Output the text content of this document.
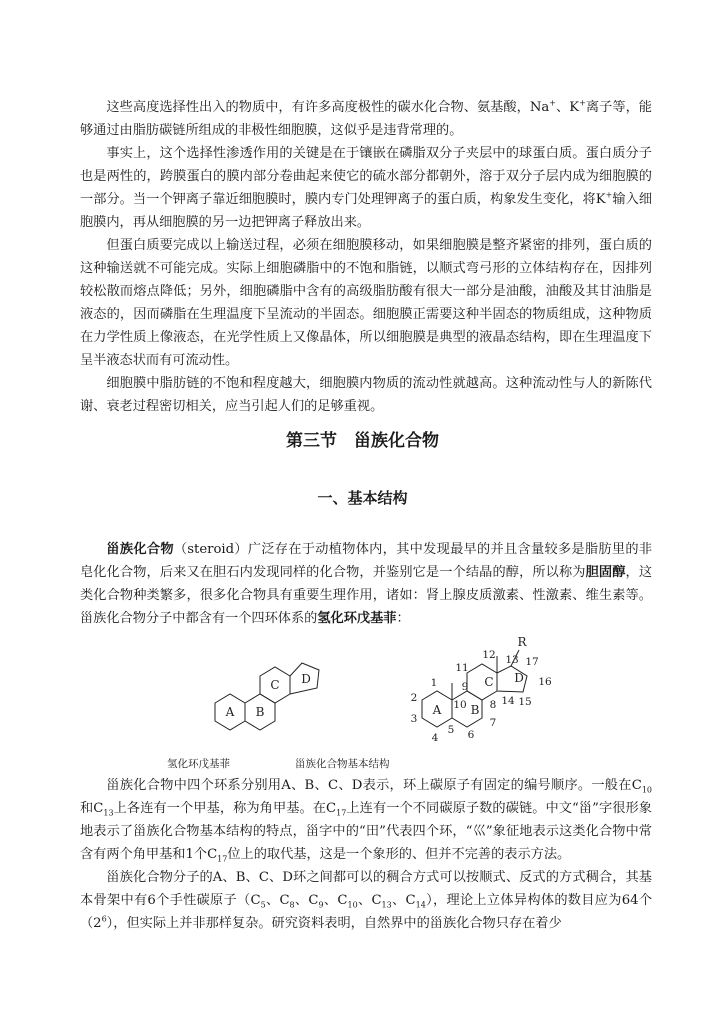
这些高度选择性出入的物质中，有许多高度极性的碳水化合物、氨基酸，Na+、K+离子等，能够通过由脂肪碳链所组成的非极性细胞膜，这似乎是违背常理的。

事实上，这个选择性渗透作用的关键是在于镶嵌在磷脂双分子夹层中的球蛋白质。蛋白质分子也是两性的，跨膜蛋白的膜内部分卷曲起来使它的硫水部分都朝外，溶于双分子层内成为细胞膜的一部分。当一个钾离子靠近细胞膜时，膜内专门处理钾离子的蛋白质，构象发生变化，将K+输入细胞膜内，再从细胞膜的另一边把钾离子释放出来。

但蛋白质要完成以上输送过程，必须在细胞膜移动，如果细胞膜是整齐紧密的排列，蛋白质的这种输送就不可能完成。实际上细胞磷脂中的不饱和脂链，以顺式弯弓形的立体结构存在，因排列较松散而熔点降低；另外，细胞磷脂中含有的高级脂肪酸有很大一部分是油酸，油酸及其甘油脂是液态的，因而磷脂在生理温度下呈流动的半固态。细胞膜正需要这种半固态的物质组成，这种物质在力学性质上像液态，在光学性质上又像晶体，所以细胞膜是典型的液晶态结构，即在生理温度下呈半液态状而有可流动性。

细胞膜中脂肪链的不饱和程度越大，细胞膜内物质的流动性就越高。这种流动性与人的新陈代谢、衰老过程密切相关，应当引起人们的足够重视。

第三节　甾族化合物
一、基本结构

甾族化合物（steroid）广泛存在于动植物体内，其中发现最早的并且含量较多是脂肪里的非皂化化合物，后来又在胆石内发现同样的化合物，并鉴别它是一个结晶的醇，所以称为胆固醇，这类化合物种类繁多，很多化合物具有重要生理作用，诸如：肾上腺皮质激素、性激素、维生素等。甾族化合物分子中都含有一个四环体系的氢化环戊基菲：

A B
C D
A B
C D
R
1
2
3
4
5 6
7
8
9
10
11
12 13
14 15
16
17
氢化环戊基菲	甾族化合物基本结构

甾族化合物中四个环系分别用A、B、C、D表示，环上碳原子有固定的编号顺序。一般在$C_{10}$和$C_{13}$上各连有一个甲基，称为角甲基。在$C_{17}$上连有一个不同碳原子数的碳链。中文“甾”字很形象地表示了甾族化合物基本结构的特点，甾字中的“田”代表四个环，“巛”象征地表示这类化合物中常含有两个角甲基和1个$C_{17}$位上的取代基，这是一个象形的、但并不完善的表示方法。

甾族化合物分子的A、B、C、D环之间都可以的稠合方式可以按顺式、反式的方式稠合，其基本骨架中有6个手性碳原子（$C_5$、$C_8$、$C_9$、$C_{10}$、$C_{13}$、$C_{14}$），理论上立体异构体的数目应为64个$(2^6)$，但实际上并非那样复杂。研究资料表明，自然界中的甾族化合物只存在着少
